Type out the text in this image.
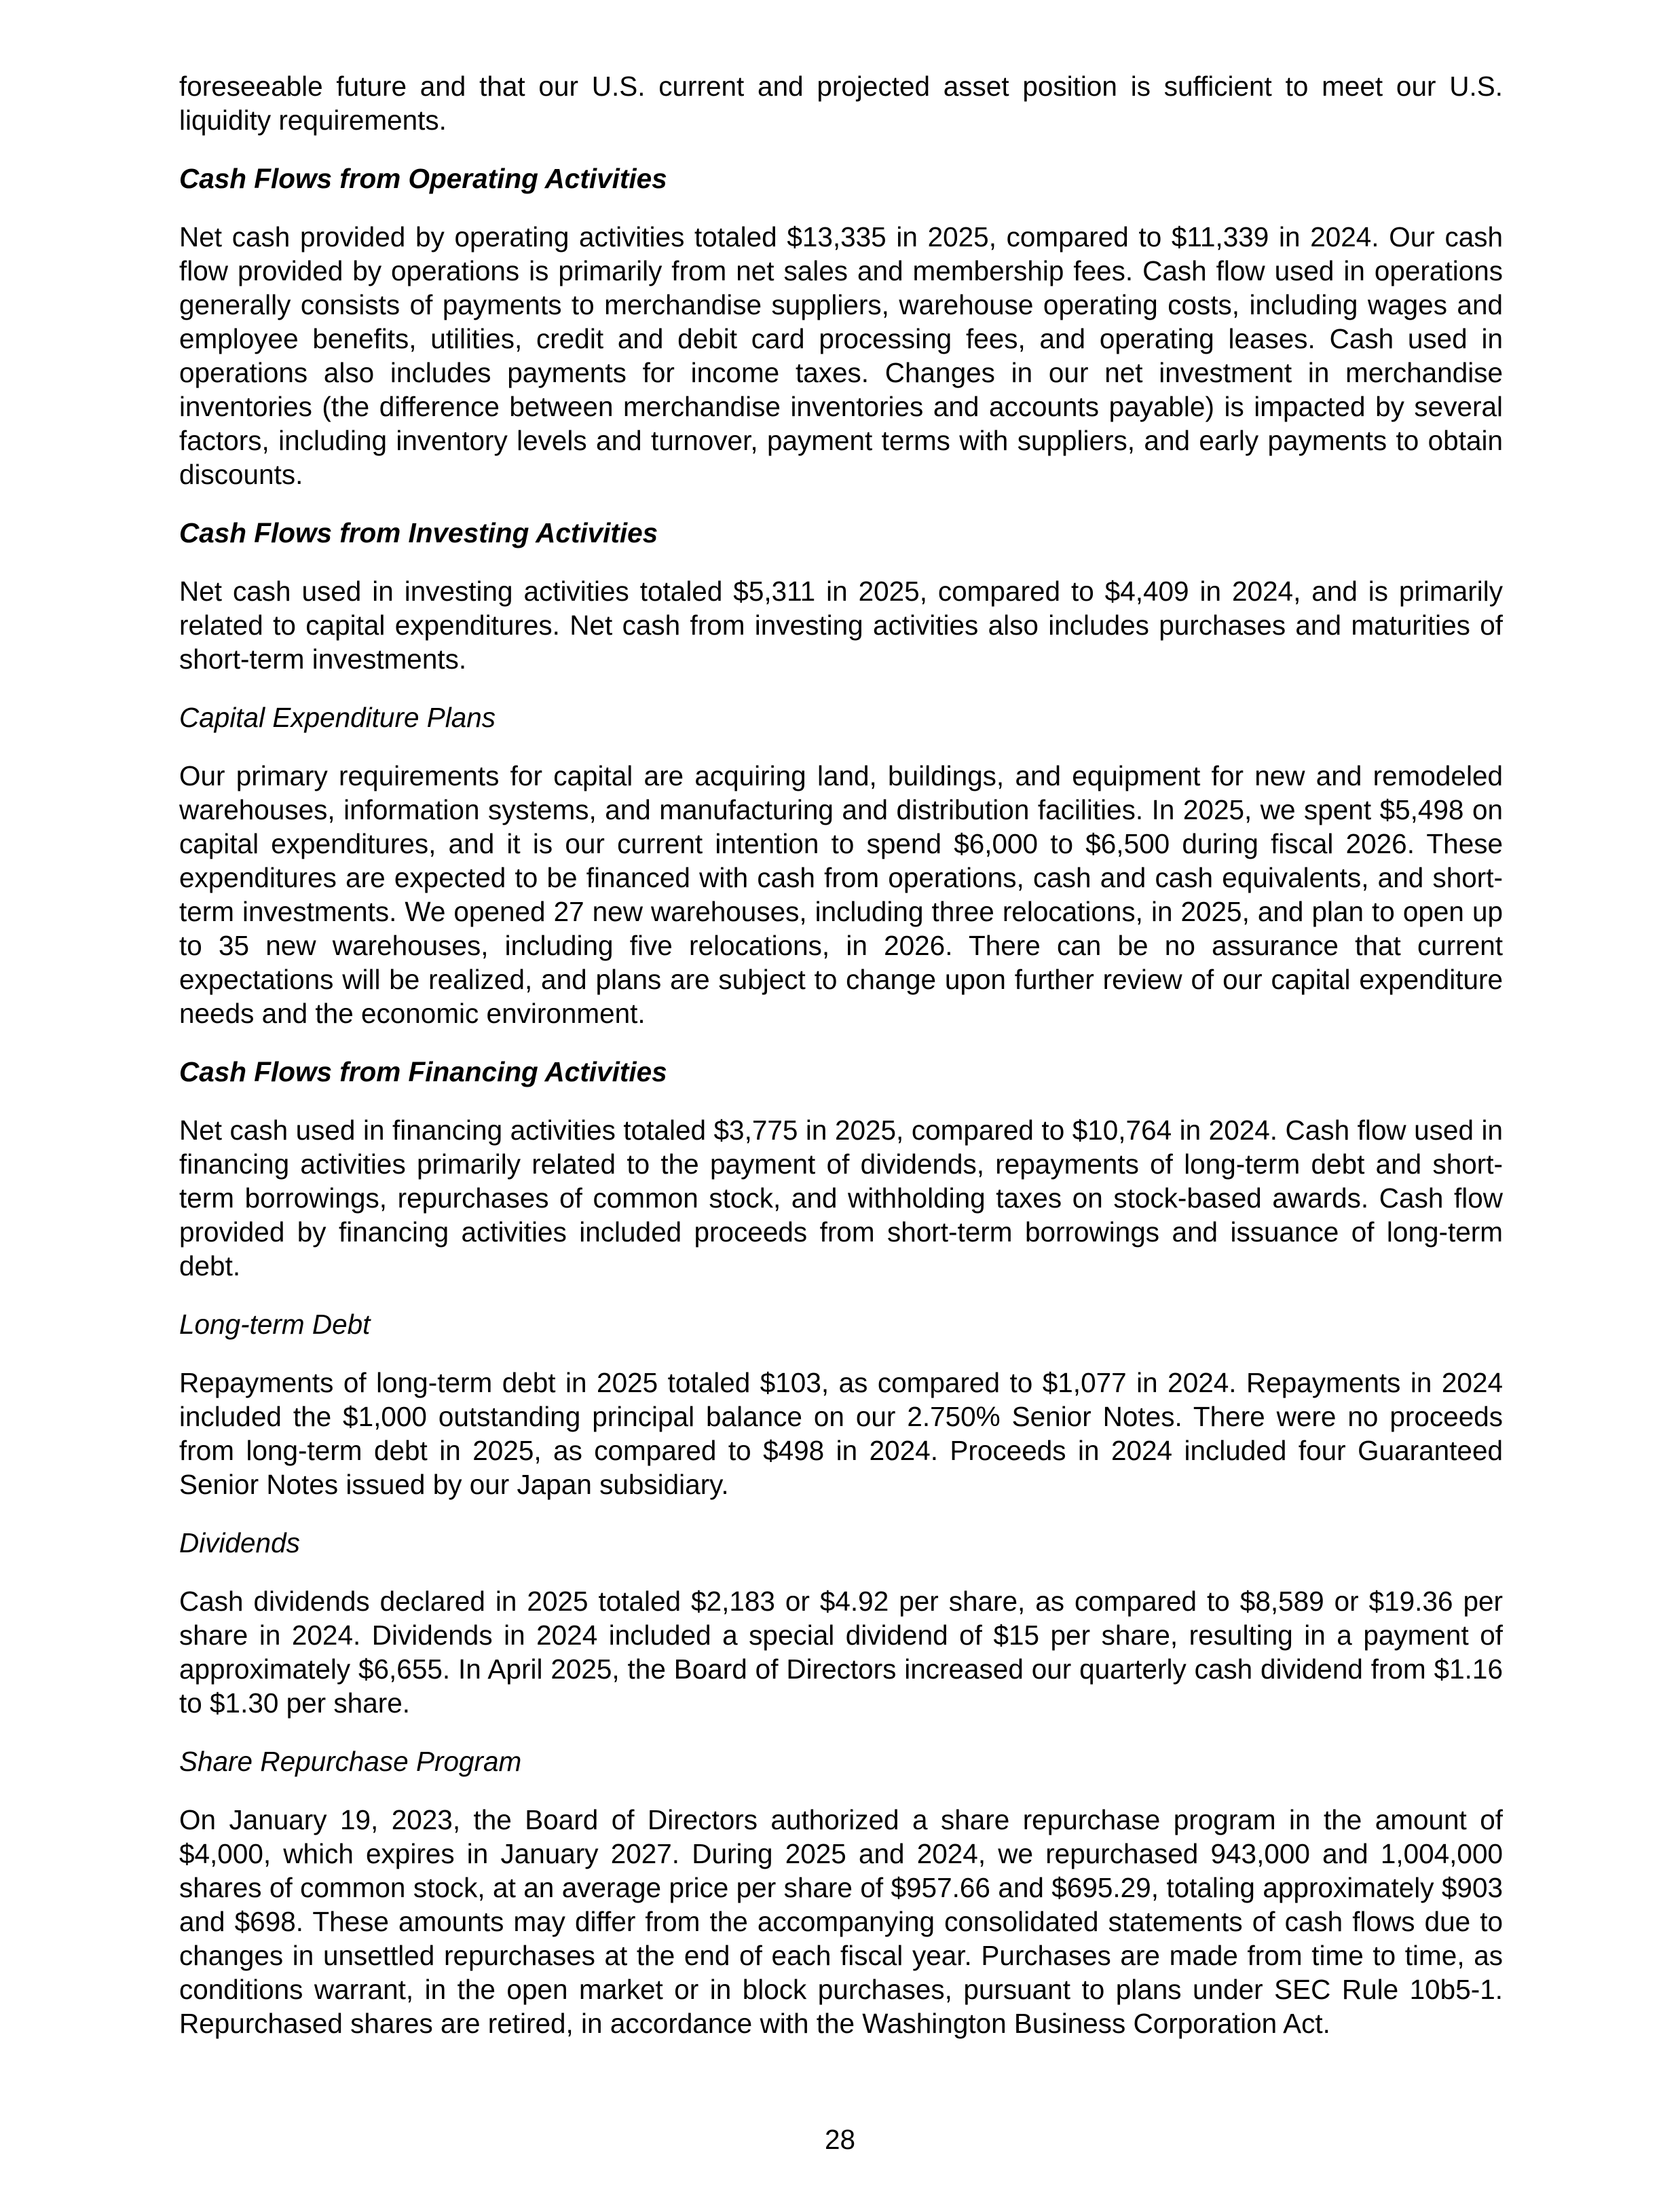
foreseeable future and that our U.S. current and projected asset position is sufficient to meet our U.S. liquidity requirements.

Cash Flows from Operating Activities

Net cash provided by operating activities totaled $13,335 in 2025, compared to $11,339 in 2024. Our cash flow provided by operations is primarily from net sales and membership fees. Cash flow used in operations generally consists of payments to merchandise suppliers, warehouse operating costs, including wages and employee benefits, utilities, credit and debit card processing fees, and operating leases. Cash used in operations also includes payments for income taxes. Changes in our net investment in merchandise inventories (the difference between merchandise inventories and accounts payable) is impacted by several factors, including inventory levels and turnover, payment terms with suppliers, and early payments to obtain discounts.

Cash Flows from Investing Activities

Net cash used in investing activities totaled $5,311 in 2025, compared to $4,409 in 2024, and is primarily related to capital expenditures. Net cash from investing activities also includes purchases and maturities of short-term investments.

Capital Expenditure Plans

Our primary requirements for capital are acquiring land, buildings, and equipment for new and remodeled warehouses, information systems, and manufacturing and distribution facilities. In 2025, we spent $5,498 on capital expenditures, and it is our current intention to spend $6,000 to $6,500 during fiscal 2026. These expenditures are expected to be financed with cash from operations, cash and cash equivalents, and short-term investments. We opened 27 new warehouses, including three relocations, in 2025, and plan to open up to 35 new warehouses, including five relocations, in 2026. There can be no assurance that current expectations will be realized, and plans are subject to change upon further review of our capital expenditure needs and the economic environment.

Cash Flows from Financing Activities

Net cash used in financing activities totaled $3,775 in 2025, compared to $10,764 in 2024. Cash flow used in financing activities primarily related to the payment of dividends, repayments of long-term debt and short-term borrowings, repurchases of common stock, and withholding taxes on stock-based awards. Cash flow provided by financing activities included proceeds from short-term borrowings and issuance of long-term debt.

Long-term Debt

Repayments of long-term debt in 2025 totaled $103, as compared to $1,077 in 2024. Repayments in 2024 included the $1,000 outstanding principal balance on our 2.750% Senior Notes. There were no proceeds from long-term debt in 2025, as compared to $498 in 2024. Proceeds in 2024 included four Guaranteed Senior Notes issued by our Japan subsidiary.

Dividends

Cash dividends declared in 2025 totaled $2,183 or $4.92 per share, as compared to $8,589 or $19.36 per share in 2024. Dividends in 2024 included a special dividend of $15 per share, resulting in a payment of approximately $6,655. In April 2025, the Board of Directors increased our quarterly cash dividend from $1.16 to $1.30 per share.

Share Repurchase Program

On January 19, 2023, the Board of Directors authorized a share repurchase program in the amount of $4,000, which expires in January 2027. During 2025 and 2024, we repurchased 943,000 and 1,004,000 shares of common stock, at an average price per share of $957.66 and $695.29, totaling approximately $903 and $698. These amounts may differ from the accompanying consolidated statements of cash flows due to changes in unsettled repurchases at the end of each fiscal year. Purchases are made from time to time, as conditions warrant, in the open market or in block purchases, pursuant to plans under SEC Rule 10b5-1. Repurchased shares are retired, in accordance with the Washington Business Corporation Act.

28
